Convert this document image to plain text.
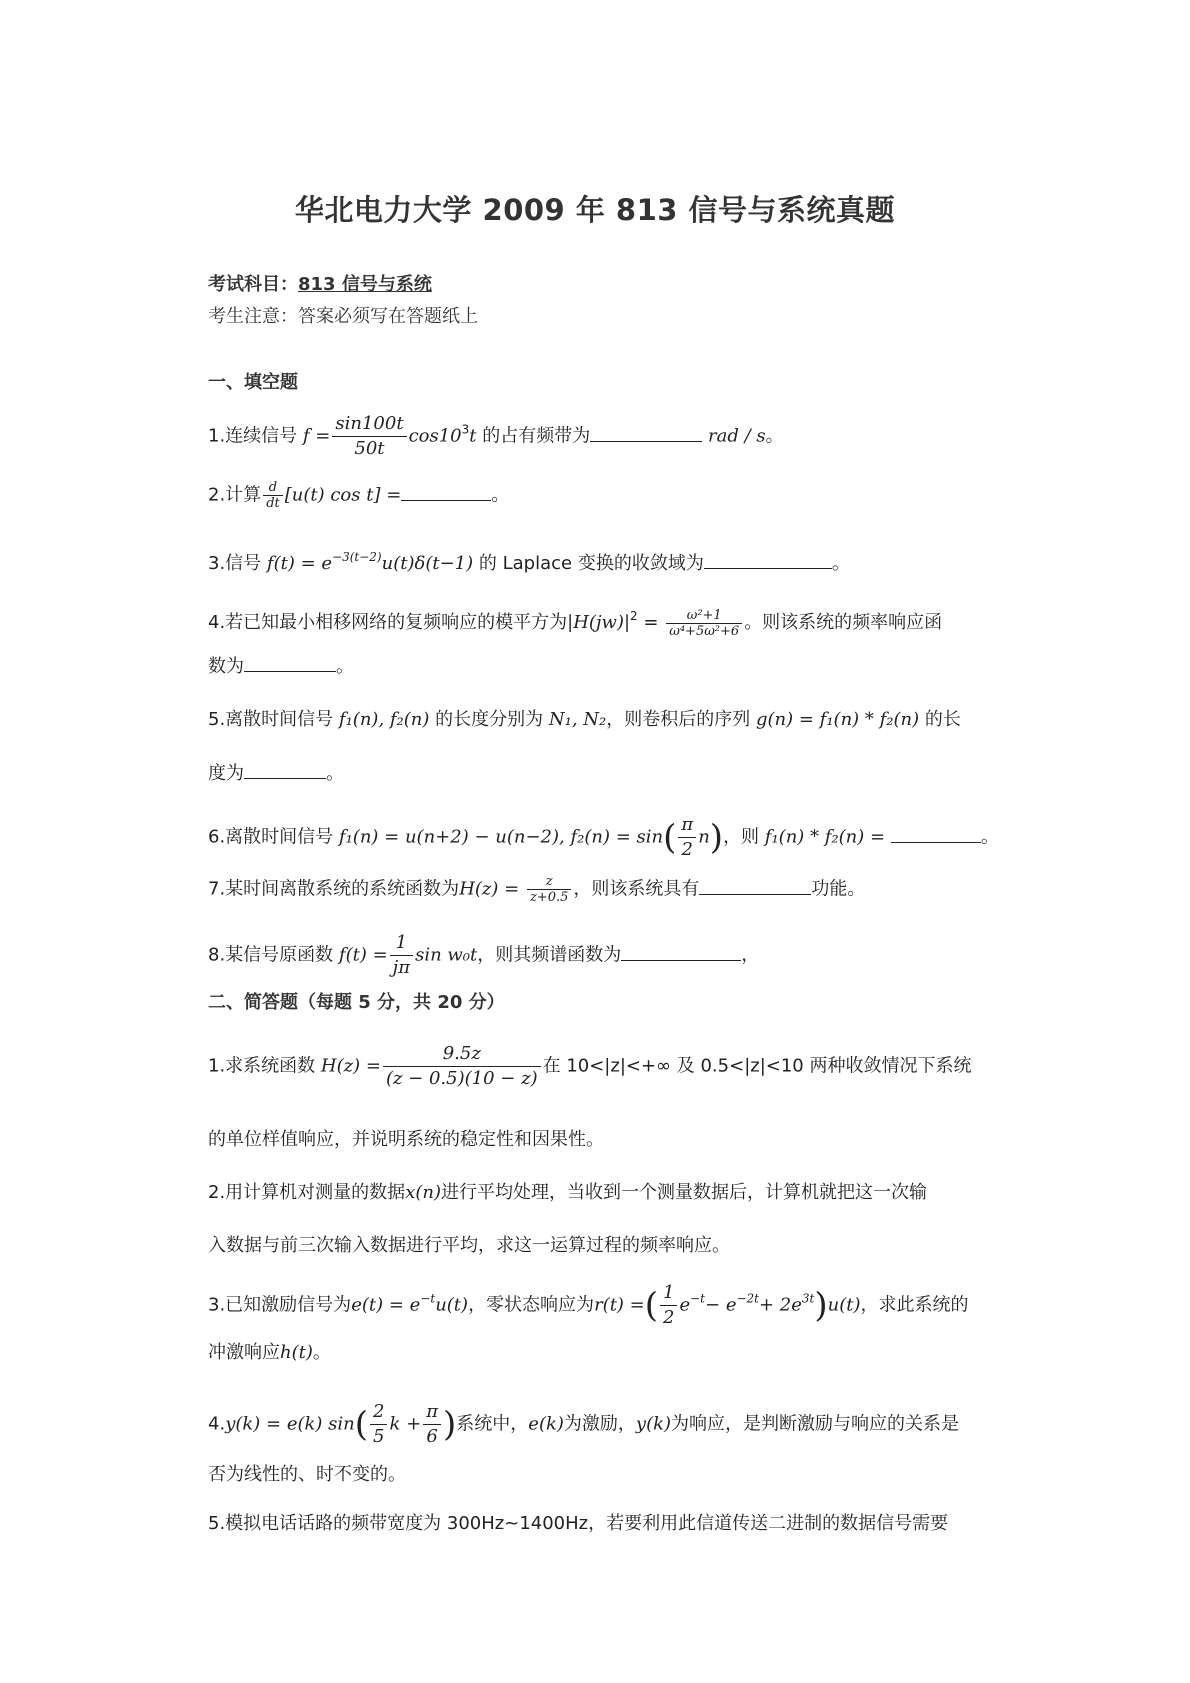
华北电力大学 2009 年 813 信号与系统真题
考试科目：813 信号与系统
考生注意：答案必须写在答题纸上
一、填空题
1.连续信号 $f = \frac{\sin 100t}{50t} \cos 10^3t$ 的占有频带为	rad / s。
2.计算 $\frac{d}{dt} [u(t)$ cos t] =	。
3.信号 $f(t) = e^{-3(t-2)}u(t)\delta(t-1)$ 的 Laplace 变换的收敛域为	。
4.若已知最小相移网络的复频响应的模平方为$|H(jw)|^2 = \frac{\text{ω²+1}}{\text{ω⁴+5ω²+6}}$ 。则该系统的频率响应函
数为	。
5.离散时间信号 f₁(n), f₂(n) 的长度分别为 N₁, N₂，则卷积后的序列 g(n) = f₁(n) * f₂(n) 的长
度为	。
6.离散时间信号 f₁(n) = u(n+2) − u(n−2), $f_2(n) = \sin( \frac{\pi}{2} n)$，则 f₁(n) * f₂(n) =	。
7.某时间离散系统的系统函数为$H(z) = \frac{z}{z+0.5}$ ，则该系统具有	功能。
8.某信号原函数 $f(t) = \frac{1}{j\pi}$ sin w₀t，则其频谱函数为	，
二、简答题（每题 5 分，共 20 分）
1.求系统函数 $H(z) = \frac{9.5z}{(z - 0.5)(10 - z)}$ 在 10<|z|<+∞ 及 0.5<|z|<10 两种收敛情况下系统
的单位样值响应，并说明系统的稳定性和因果性。
2.用计算机对测量的数据x(n)进行平均处理，当收到一个测量数据后，计算机就把这一次输
入数据与前三次输入数据进行平均，求这一运算过程的频率响应。
3.已知激励信号为$e(t) = e^{-t}u(t)$，零状态响应为r(t) =( $\frac{1}{2} e^{-t}- e^{-2t}+ 2e^{3t})u(t)$，求此系统的
冲激响应h(t)。
4.y(k) = e(k) $\sin( \frac{2}{5}$ $k + \frac{\pi}{6}$ )系统中，e(k)为激励，y(k)为响应，是判断激励与响应的关系是
否为线性的、时不变的。
5.模拟电话话路的频带宽度为 300Hz~1400Hz，若要利用此信道传送二进制的数据信号需要
